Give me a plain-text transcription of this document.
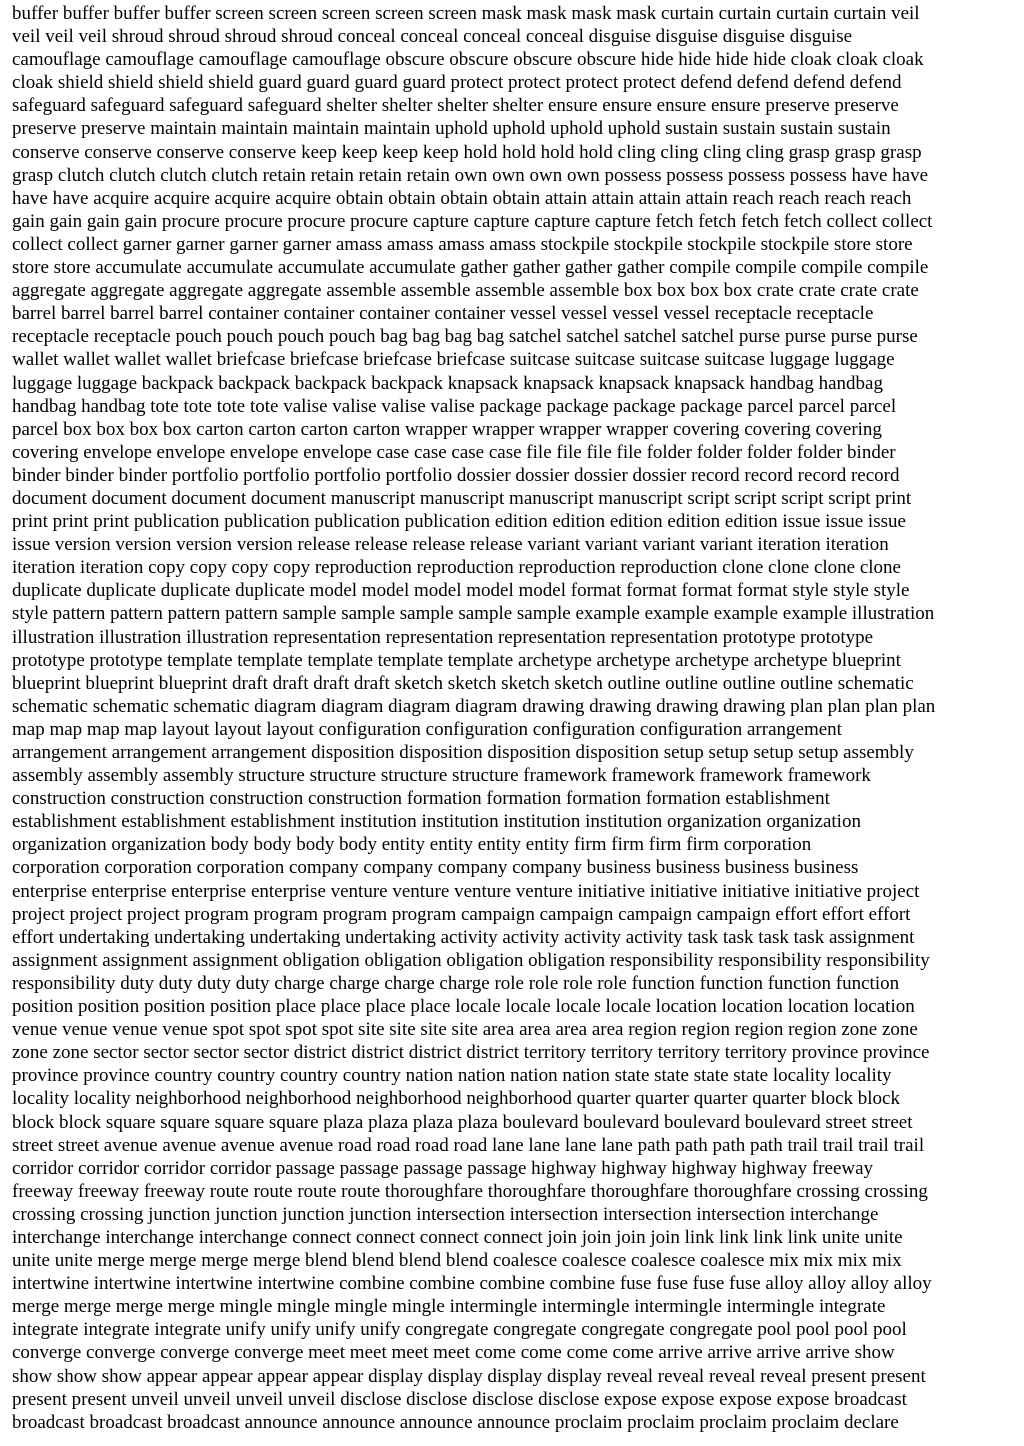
buffer buffer buffer buffer screen screen screen screen screen mask mask mask mask curtain curtain curtain curtain veil
veil veil veil shroud shroud shroud shroud conceal conceal conceal conceal disguise disguise disguise disguise
camouflage camouflage camouflage camouflage obscure obscure obscure obscure hide hide hide hide cloak cloak cloak
cloak shield shield shield shield guard guard guard guard protect protect protect protect defend defend defend defend
safeguard safeguard safeguard safeguard shelter shelter shelter shelter ensure ensure ensure ensure preserve preserve
preserve preserve maintain maintain maintain maintain uphold uphold uphold uphold sustain sustain sustain sustain
conserve conserve conserve conserve keep keep keep keep hold hold hold hold cling cling cling cling grasp grasp grasp
grasp clutch clutch clutch clutch retain retain retain retain own own own own possess possess possess possess have have
have have acquire acquire acquire acquire obtain obtain obtain obtain attain attain attain attain reach reach reach reach
gain gain gain gain procure procure procure procure capture capture capture capture fetch fetch fetch fetch collect collect
collect collect garner garner garner garner amass amass amass amass stockpile stockpile stockpile stockpile store store
store store accumulate accumulate accumulate accumulate gather gather gather gather compile compile compile compile
aggregate aggregate aggregate aggregate assemble assemble assemble assemble box box box box crate crate crate crate
barrel barrel barrel barrel container container container container vessel vessel vessel vessel receptacle receptacle
receptacle receptacle pouch pouch pouch pouch bag bag bag bag satchel satchel satchel satchel purse purse purse purse
wallet wallet wallet wallet briefcase briefcase briefcase briefcase suitcase suitcase suitcase suitcase luggage luggage
luggage luggage backpack backpack backpack backpack knapsack knapsack knapsack knapsack handbag handbag
handbag handbag tote tote tote tote valise valise valise valise package package package package parcel parcel parcel
parcel box box box box carton carton carton carton wrapper wrapper wrapper wrapper covering covering covering
covering envelope envelope envelope envelope case case case case file file file file folder folder folder folder binder
binder binder binder portfolio portfolio portfolio portfolio dossier dossier dossier dossier record record record record
document document document document manuscript manuscript manuscript manuscript script script script script print
print print print publication publication publication publication edition edition edition edition edition issue issue issue
issue version version version version release release release release variant variant variant variant iteration iteration
iteration iteration copy copy copy copy reproduction reproduction reproduction reproduction clone clone clone clone
duplicate duplicate duplicate duplicate model model model model model format format format format style style style
style pattern pattern pattern pattern sample sample sample sample sample example example example example illustration
illustration illustration illustration representation representation representation representation prototype prototype
prototype prototype template template template template template archetype archetype archetype archetype blueprint
blueprint blueprint blueprint draft draft draft draft sketch sketch sketch sketch outline outline outline outline schematic
schematic schematic schematic diagram diagram diagram diagram drawing drawing drawing drawing plan plan plan plan
map map map map layout layout layout configuration configuration configuration configuration arrangement
arrangement arrangement arrangement disposition disposition disposition disposition setup setup setup setup assembly
assembly assembly assembly structure structure structure structure framework framework framework framework
construction construction construction construction formation formation formation formation establishment
establishment establishment establishment institution institution institution institution organization organization
organization organization body body body body entity entity entity entity firm firm firm firm corporation
corporation corporation corporation company company company company business business business business
enterprise enterprise enterprise enterprise venture venture venture venture initiative initiative initiative initiative project
project project project program program program program campaign campaign campaign campaign effort effort effort
effort undertaking undertaking undertaking undertaking activity activity activity activity task task task task assignment
assignment assignment assignment obligation obligation obligation obligation responsibility responsibility responsibility
responsibility duty duty duty duty charge charge charge charge role role role role function function function function
position position position position place place place place locale locale locale locale location location location location
venue venue venue venue spot spot spot spot site site site site area area area area region region region region zone zone
zone zone sector sector sector sector district district district district territory territory territory territory province province
province province country country country country nation nation nation nation state state state state locality locality
locality locality neighborhood neighborhood neighborhood neighborhood quarter quarter quarter quarter block block
block block square square square square plaza plaza plaza plaza boulevard boulevard boulevard boulevard street street
street street avenue avenue avenue avenue road road road road lane lane lane lane path path path path trail trail trail trail
corridor corridor corridor corridor passage passage passage passage highway highway highway highway freeway
freeway freeway freeway route route route route thoroughfare thoroughfare thoroughfare thoroughfare crossing crossing
crossing crossing junction junction junction junction intersection intersection intersection intersection interchange
interchange interchange interchange connect connect connect connect join join join join link link link link unite unite
unite unite merge merge merge merge blend blend blend blend coalesce coalesce coalesce coalesce mix mix mix mix
intertwine intertwine intertwine intertwine combine combine combine combine fuse fuse fuse fuse alloy alloy alloy alloy
merge merge merge merge mingle mingle mingle mingle intermingle intermingle intermingle intermingle integrate
integrate integrate integrate unify unify unify unify congregate congregate congregate congregate pool pool pool pool
converge converge converge converge meet meet meet meet come come come come arrive arrive arrive arrive show
show show show appear appear appear appear display display display display reveal reveal reveal reveal present present
present present unveil unveil unveil unveil disclose disclose disclose disclose expose expose expose expose broadcast
broadcast broadcast broadcast announce announce announce announce proclaim proclaim proclaim proclaim declare
